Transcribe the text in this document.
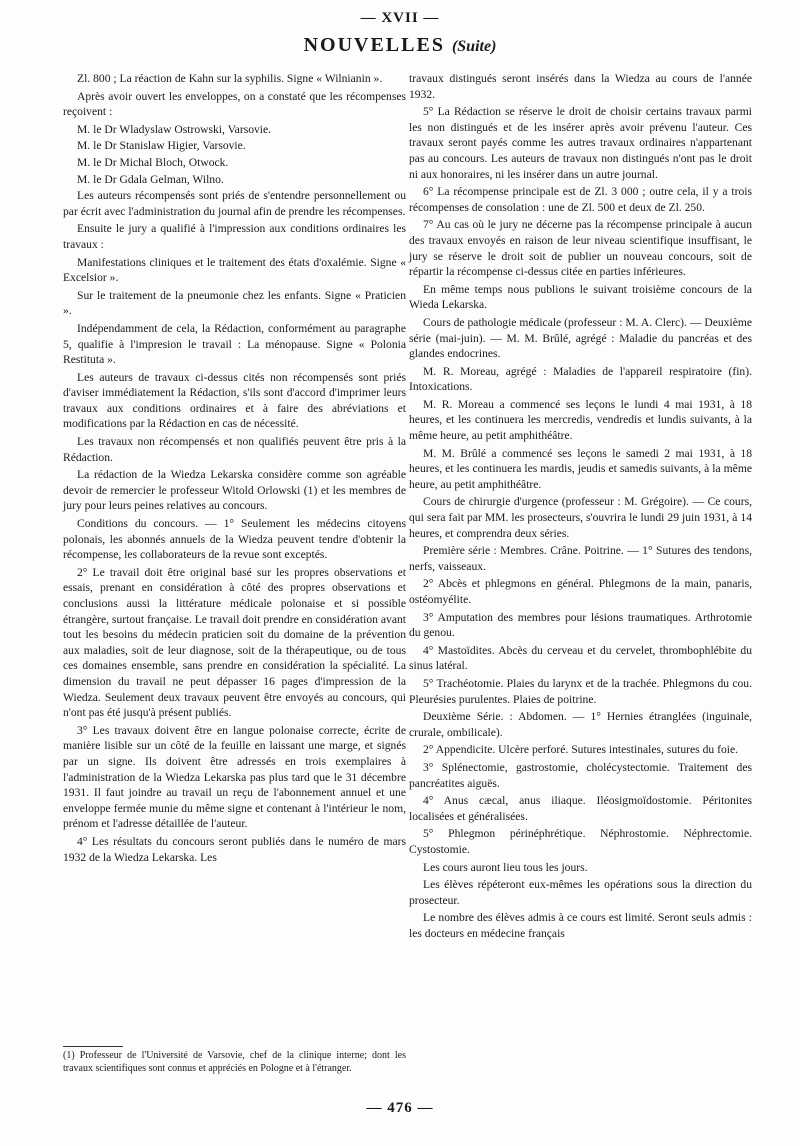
— XVII —
NOUVELLES (Suite)

Zl. 800 ; La réaction de Kahn sur la syphilis. Signe « Wilnianin ».

Après avoir ouvert les enveloppes, on a constaté que les récompenses reçoivent :

M. le Dr Wladyslaw Ostrowski, Varsovie.

M. le Dr Stanislaw Higier, Varsovie.

M. le Dr Michal Bloch, Otwock.

M. le Dr Gdala Gelman, Wilno.

Les auteurs récompensés sont priés de s'entendre personnellement ou par écrit avec l'administration du journal afin de prendre les récompenses.

Ensuite le jury a qualifié à l'impression aux conditions ordinaires les travaux :

Manifestations cliniques et le traitement des états d'oxalémie. Signe « Excelsior ».

Sur le traitement de la pneumonie chez les enfants. Signe « Praticien ».

Indépendamment de cela, la Rédaction, conformément au paragraphe 5, qualifie à l'impresion le travail : La ménopause. Signe « Polonia Restituta ».

Les auteurs de travaux ci-dessus cités non récompensés sont priés d'aviser immédiatement la Rédaction, s'ils sont d'accord d'imprimer leurs travaux aux conditions ordinaires et à faire des abréviations et modifications par la Rédaction en cas de nécessité.

Les travaux non récompensés et non qualifiés peuvent être pris à la Rédaction.

La rédaction de la Wiedza Lekarska considère comme son agréable devoir de remercier le professeur Witold Orlowski (1) et les membres de jury pour leurs peines relatives au concours.

Conditions du concours. — 1° Seulement les médecins citoyens polonais, les abonnés annuels de la Wiedza peuvent tendre d'obtenir la récompense, les collaborateurs de la revue sont exceptés.

2° Le travail doit être original basé sur les propres observations et essais, prenant en considération à côté des propres observations et conclusions aussi la littérature médicale polonaise et si possible étrangère, surtout française. Le travail doit prendre en considération avant tout les besoins du médecin praticien soit du domaine de la prévention aux maladies, soit de leur diagnose, soit de la thérapeutique, ou de tous ces domaines ensemble, sans prendre en considération la spécialité. La dimension du travail ne peut dépasser 16 pages d'impression de la Wiedza. Seulement deux travaux peuvent être envoyés au concours, qui n'ont pas été jusqu'à présent publiés.

3° Les travaux doivent être en langue polonaise correcte, écrite de manière lisible sur un côté de la feuille en laissant une marge, et signés par un signe. Ils doivent être adressés en trois exemplaires à l'administration de la Wiedza Lekarska pas plus tard que le 31 décembre 1931. Il faut joindre au travail un reçu de l'abonnement annuel et une enveloppe fermée munie du même signe et contenant à l'intérieur le nom, prénom et l'adresse détaillée de l'auteur.

4° Les résultats du concours seront publiés dans le numéro de mars 1932 de la Wiedza Lekarska. Les

(1) Professeur de l'Université de Varsovie, chef de la clinique interne; dont les travaux scientifiques sont connus et appréciés en Pologne et à l'étranger.

travaux distingués seront insérés dans la Wiedza au cours de l'année 1932.

5° La Rédaction se réserve le droit de choisir certains travaux parmi les non distingués et de les insérer après avoir prévenu l'auteur. Ces travaux seront payés comme les autres travaux ordinaires n'appartenant pas au concours. Les auteurs de travaux non distingués n'ont pas le droit ni aux honoraires, ni les insérer dans un autre journal.

6° La récompense principale est de Zl. 3 000 ; outre cela, il y a trois récompenses de consolation : une de Zl. 500 et deux de Zl. 250.

7° Au cas où le jury ne décerne pas la récompense principale à aucun des travaux envoyés en raison de leur niveau scientifique insuffisant, le jury se réserve le droit soit de publier un nouveau concours, soit de répartir la récompense ci-dessus citée en parties inférieures.

En même temps nous publions le suivant troisième concours de la Wieda Lekarska.

Cours de pathologie médicale (professeur : M. A. Clerc). — Deuxième série (mai-juin). — M. M. Brûlé, agrégé : Maladie du pancréas et des glandes endocrines.

M. R. Moreau, agrégé : Maladies de l'appareil respiratoire (fin). Intoxications.

M. R. Moreau a commencé ses leçons le lundi 4 mai 1931, à 18 heures, et les continuera les mercredis, vendredis et lundis suivants, à la même heure, au petit amphithéâtre.

M. M. Brûlé a commencé ses leçons le samedi 2 mai 1931, à 18 heures, et les continuera les mardis, jeudis et samedis suivants, à la même heure, au petit amphithéâtre.

Cours de chirurgie d'urgence (professeur : M. Grégoire). — Ce cours, qui sera fait par MM. les prosecteurs, s'ouvrira le lundi 29 juin 1931, à 14 heures, et comprendra deux séries.

Première série : Membres. Crâne. Poitrine. — 1° Sutures des tendons, nerfs, vaisseaux.

2° Abcès et phlegmons en général. Phlegmons de la main, panaris, ostéomyélite.

3° Amputation des membres pour lésions traumatiques. Arthrotomie du genou.

4° Mastoïdites. Abcès du cerveau et du cervelet, thrombophlébite du sinus latéral.

5° Trachéotomie. Plaies du larynx et de la trachée. Phlegmons du cou. Pleurésies purulentes. Plaies de poitrine.

Deuxième Série. : Abdomen. — 1° Hernies étranglées (inguinale, crurale, ombilicale).

2° Appendicite. Ulcère perforé. Sutures intestinales, sutures du foie.

3° Splénectomie, gastrostomie, cholécystectomie. Traitement des pancréatites aiguës.

4° Anus cæcal, anus iliaque. Iléosigmoïdostomie. Péritonites localisées et généralisées.

5° Phlegmon périnéphrétique. Néphrostomie. Néphrectomie. Cystostomie.

Les cours auront lieu tous les jours.

Les élèves répéteront eux-mêmes les opérations sous la direction du prosecteur.

Le nombre des élèves admis à ce cours est limité. Seront seuls admis : les docteurs en médecine français

— 476 —
